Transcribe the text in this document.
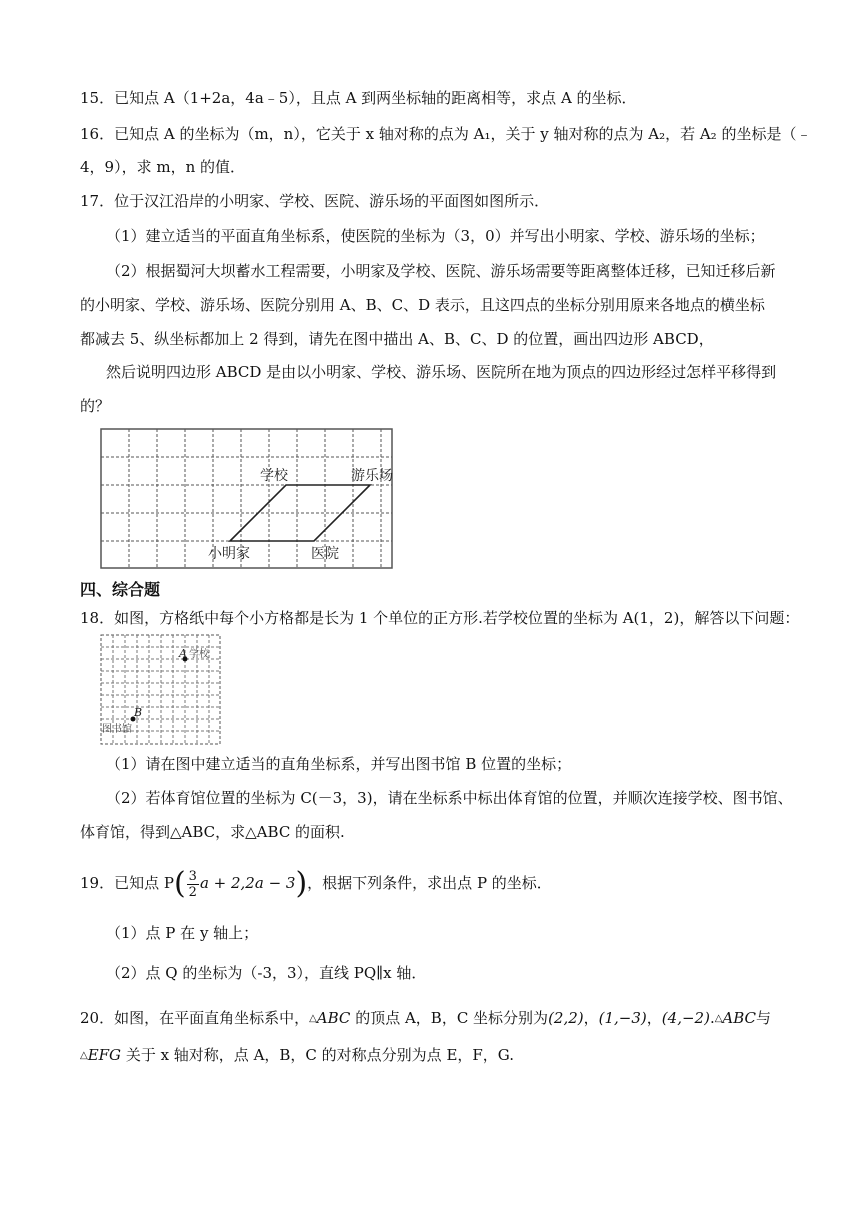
15．已知点 A（1+2a，4a﹣5），且点 A 到两坐标轴的距离相等，求点 A 的坐标．
16．已知点 A 的坐标为（m，n），它关于 x 轴对称的点为 A₁，关于 y 轴对称的点为 A₂，若 A₂ 的坐标是（﹣
4，9），求 m，n 的值．
17．位于汉江沿岸的小明家、学校、医院、游乐场的平面图如图所示．
（1）建立适当的平面直角坐标系，使医院的坐标为（3，0）并写出小明家、学校、游乐场的坐标；
（2）根据蜀河大坝蓄水工程需要，小明家及学校、医院、游乐场需要等距离整体迁移，已知迁移后新
的小明家、学校、游乐场、医院分别用 A、B、C、D 表示，且这四点的坐标分别用原来各地点的横坐标
都减去 5、纵坐标都加上 2 得到，请先在图中描出 A、B、C、D 的位置，画出四边形 ABCD，
然后说明四边形 ABCD 是由以小明家、学校、游乐场、医院所在地为顶点的四边形经过怎样平移得到
的？
学校	游乐场
小明家	医院
四、综合题
18．如图，方格纸中每个小方格都是长为 1 个单位的正方形.若学校位置的坐标为 A(1，2)，解答以下问题：
A 学校
B
图书馆
（1）请在图中建立适当的直角坐标系，并写出图书馆 B 位置的坐标；
（2）若体育馆位置的坐标为 C(－3，3)，请在坐标系中标出体育馆的位置，并顺次连接学校、图书馆、
体育馆，得到△ABC，求△ABC 的面积.
19．已知点 $P( \frac{3}{2}$ a + 2,2a − 3)，根据下列条件，求出点 P 的坐标．
（1）点 P 在 y 轴上；
（2）点 Q 的坐标为（-3，3），直线 PQ∥x 轴．
20．如图，在平面直角坐标系中，△ABC 的顶点 A，B，C 坐标分别为(2,2)，(1,−3)，(4,−2).△ABC与
△EFG 关于 x 轴对称，点 A，B，C 的对称点分别为点 E，F，G.
